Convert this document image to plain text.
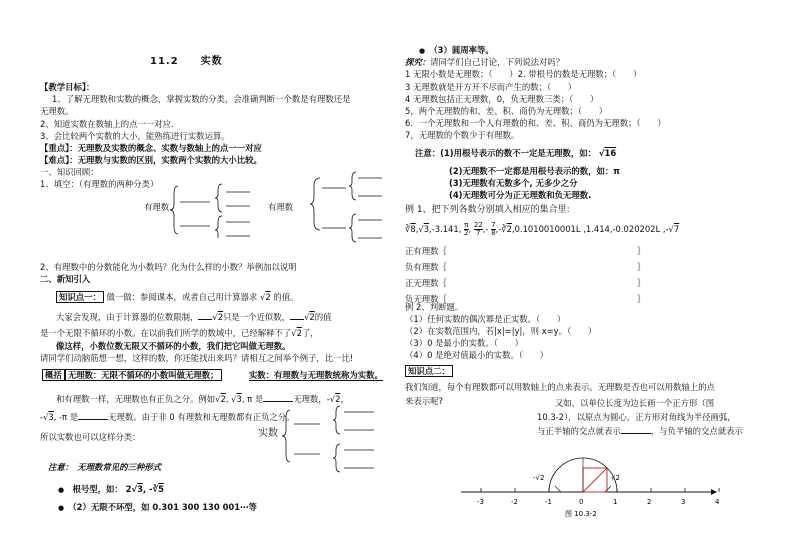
11.2　　实数
【教学目标】：
1、了解无理数和实数的概念，掌握实数的分类，会准确判断一个数是有理数还是
无理数。
2、知道实数在数轴上的点一一对应.
3、会比较两个实数的大小，能熟练进行实数运算。
【重点】：无理数及实数的概念、实数与数轴上的点一一对应
【难点】：无理数与实数的区别，实数两个实数的大小比较。
一、知识回顾：
1、填空：（有理数的两种分类）
有理数	有理数
2、有理数中的分数能化为小数吗？化为什么样的小数？举例加以说明
二、新知引入
知识点一： 做一做：参阅课本，或者自己用计算器求 √2 的值。
大家会发现，由于计算器的位数限制， √2只是一个近似数， √2的值
是一个无限不循环的小数。在以前我们所学的数域中，已经解释不了√2了，
像这样，小数位数无限又不循环的小数，我们把它叫做无理数。
请同学们动脑筋想一想，这样的数，你还能找出来吗？请相互之间举个例子，比一比!
概括 无理数：无限不循环的小数叫做无理数；	实数：有理数与无理数统称为实数。
和有理数一样，无理数也有正负之分。例如√2, √3, π 是	无理数，-√2，
-√3, -π 是	无理数。由于非 0 有理数和无理数都有正负之分。
所以实数也可以这样分类：	实数
注意：　无理数常见的三种形式
●　 根号型，如： 2√3, -∛5
●　 （2）无限不环型，如 0.301 300 130 001⋯等
●　 （3）圆周率等。
探究：请同学们自己讨论，下列说法对吗？
1 无限小数是无理数；（　　）2. 带根号的数是无理数；（　　）
3 无理数就是开方开不尽而产生的数；（　　）
4 无理数包括正无理数，0，负无理数三类；（　　）
5，两个无理数的和、差、积、商仍为无理数；（　　）
6．一个无理数和一个人有理数的和、差、积、商仍为无理数；（　　）
7，无理数的个数少于有理数。
注意：(1)用根号表示的数不一定是无理数，如： √16
(2)无理数不一定都是用根号表示的数，如：π
(3)无理数有无数多个, 无多少之分
(4)无理数可分为正无理数和负无理数.
例 1、把下列各数分别填入相应的集合里:
∛8,√3,-3.141, $\frac{\pi}{2}$ , $\frac{22}{7}$ ,- $\frac{7}{8}$ ,-∛2,0.1010010001L ,1.414,-0.020202L ,-√7
正有理数｛	｝
负有理数｛	｝
正无理数｛	｝
负无理数｛	｝
例 2、判断题。
（1）任何实数的偶次幂是正实数。（　　）
（2）在实数范围内，若|x|=|y|，则 x=y。（　　）
（3）0 是最小的实数。（　　）
（4）0 是绝对值最小的实数。（　　）
知识点二：
我们知道，每个有理数都可以用数轴上的点来表示。无理数是否也可以用数轴上的点
来表示呢?	又如，以单位长度为边长画一个正方形（图
10.3-2），以原点为圆心，正方形对角线为半径画弧，
与正半轴的交点就表示	，与负半轴的交点就表示
-3	-2	-1	0	1	2	3	4
-√2	√2
图 10.3-2
